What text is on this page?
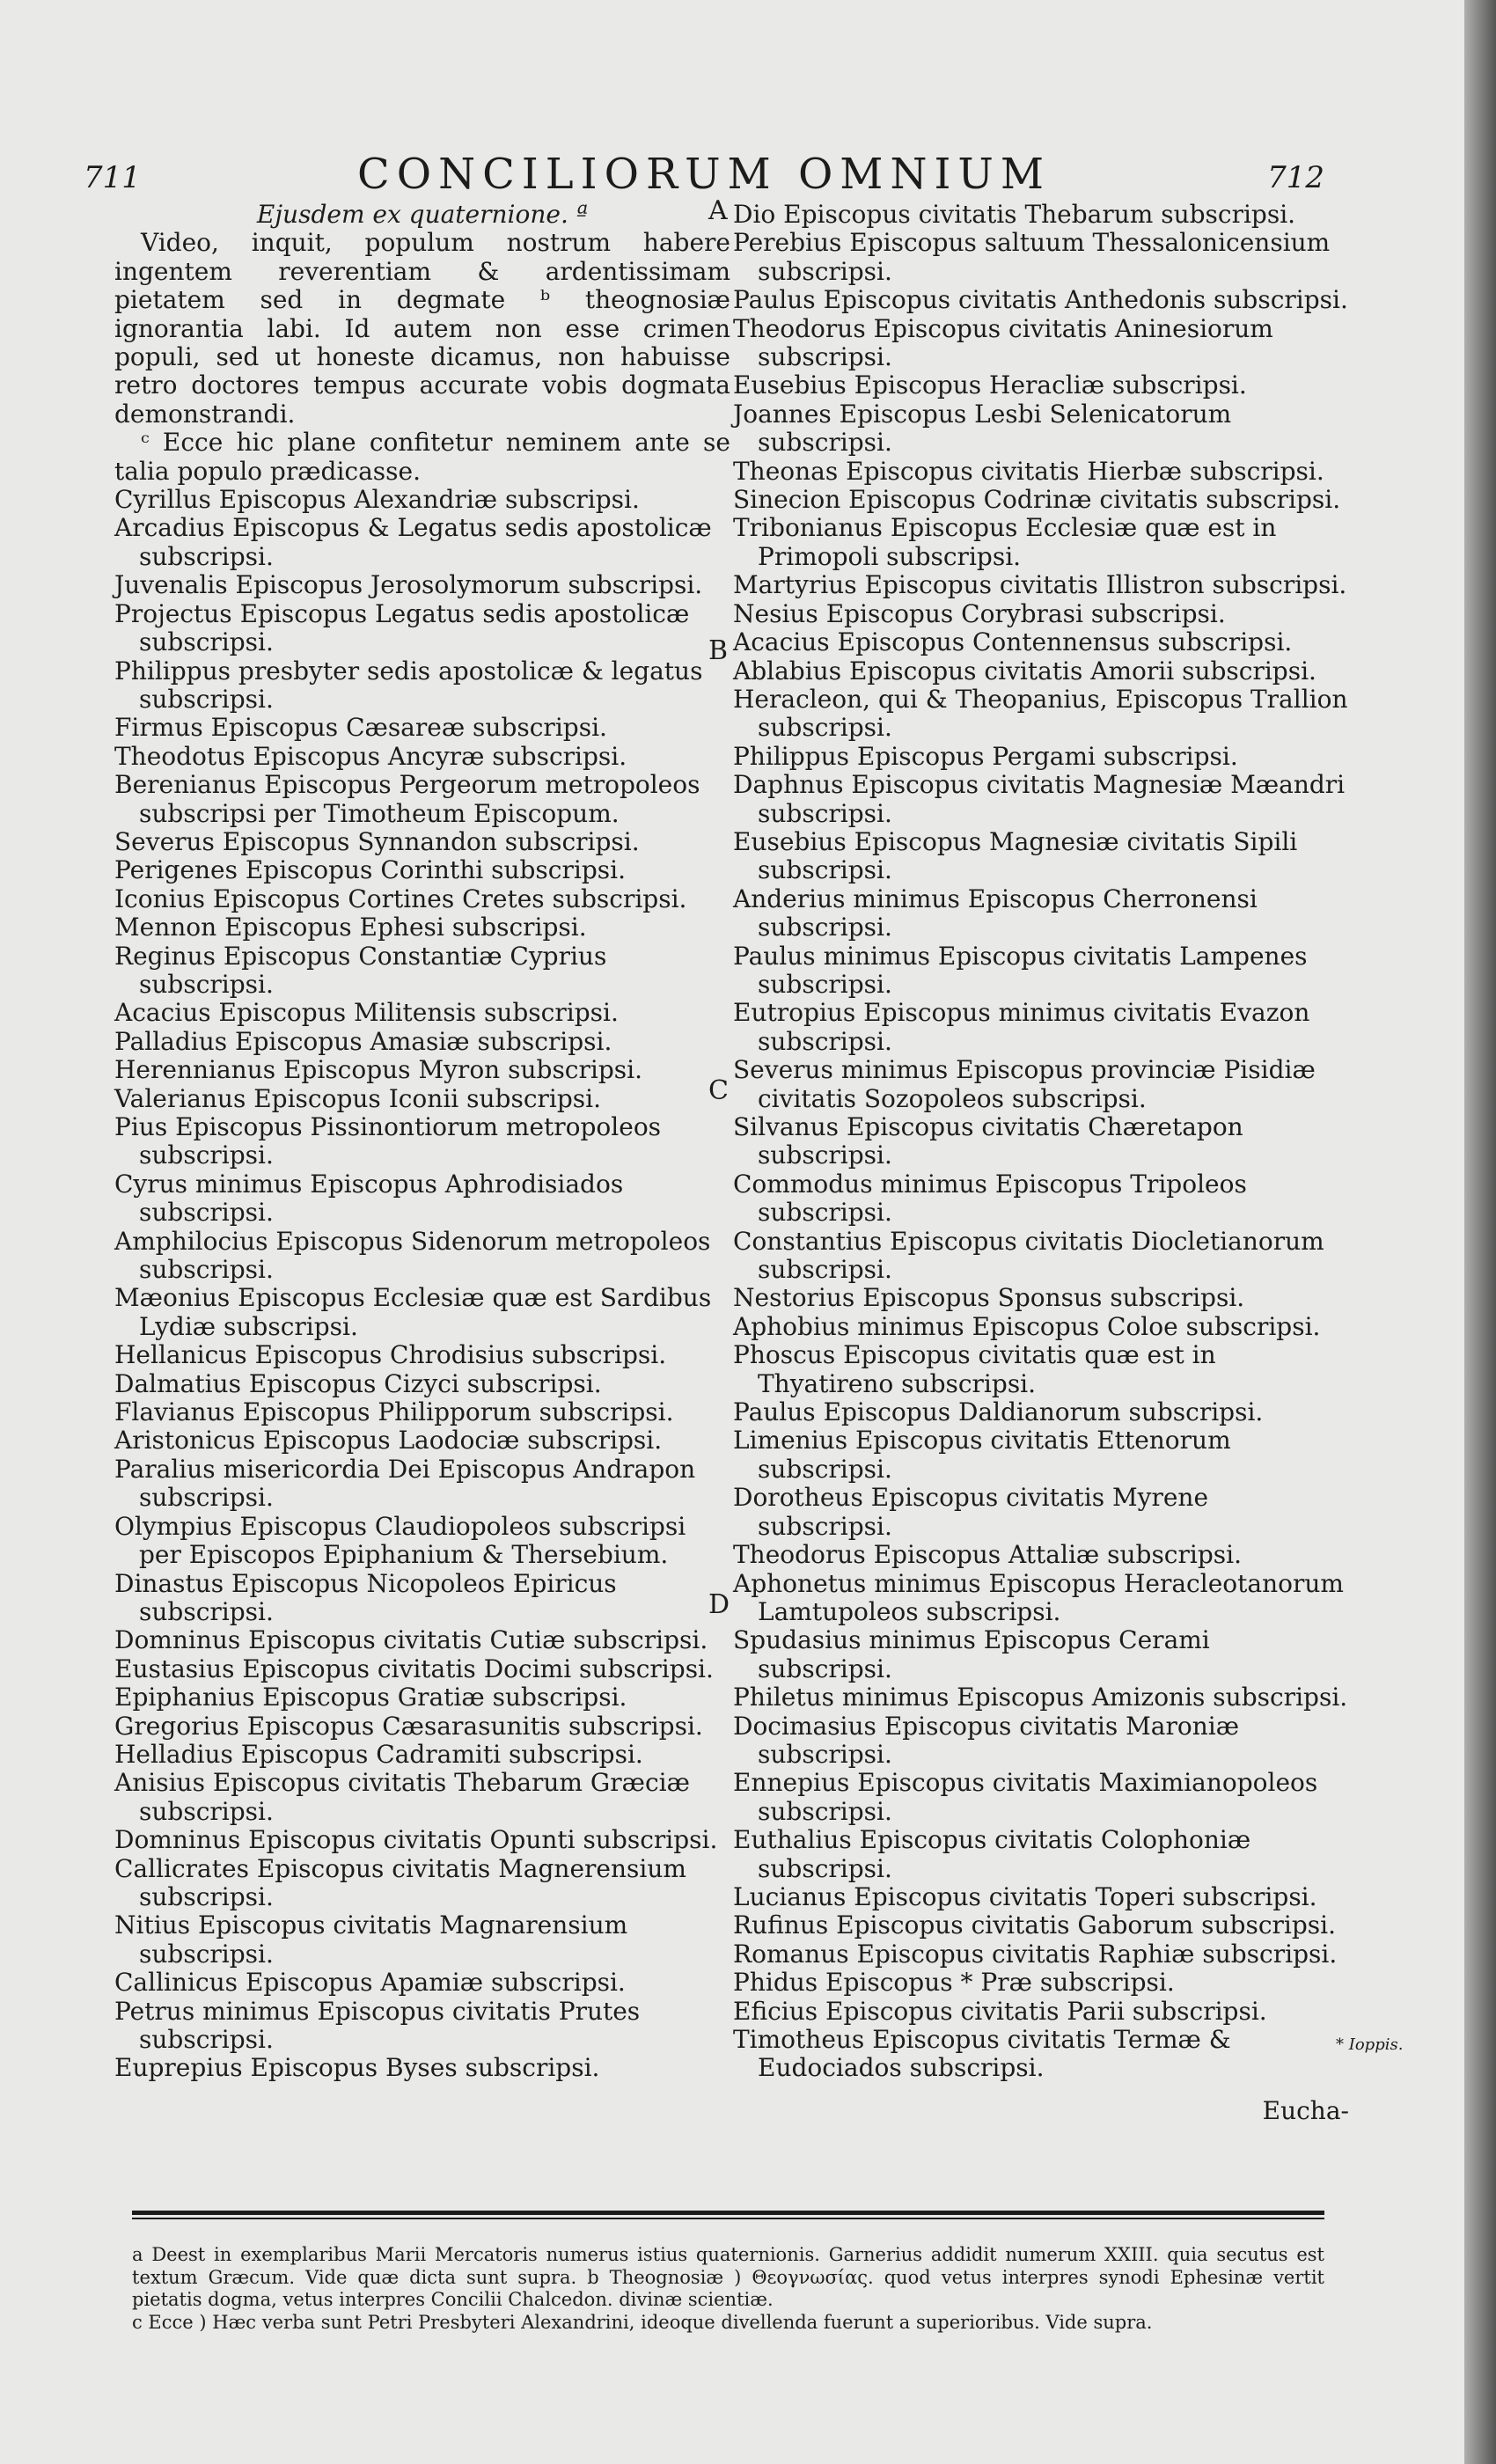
711	CONCILIORUM OMNIUM	712
Ejusdem ex quaternione. ª
Video, inquit, populum nostrum habere ingentem reverentiam & ardentissimam pietatem sed in degmate ᵇ theognosiæ ignorantia labi. Id autem non esse crimen populi, sed ut honeste dicamus, non habuisse retro doctores tempus accurate vobis dogmata demonstrandi.
ᶜ Ecce hic plane confitetur neminem ante se talia populo prædicasse.
Cyrillus Episcopus Alexandriæ subscripsi.
Arcadius Episcopus & Legatus sedis apostolicæ subscripsi.
Juvenalis Episcopus Jerosolymorum subscripsi.
Projectus Episcopus Legatus sedis apostolicæ subscripsi.
Philippus presbyter sedis apostolicæ & legatus subscripsi.
Firmus Episcopus Cæsareæ subscripsi.
Theodotus Episcopus Ancyræ subscripsi.
Berenianus Episcopus Pergeorum metropoleos subscripsi per Timotheum Episcopum.
Severus Episcopus Synnandon subscripsi.
Perigenes Episcopus Corinthi subscripsi.
Iconius Episcopus Cortines Cretes subscripsi.
Mennon Episcopus Ephesi subscripsi.
Reginus Episcopus Constantiæ Cyprius subscripsi.
Acacius Episcopus Militensis subscripsi.
Palladius Episcopus Amasiæ subscripsi.
Herennianus Episcopus Myron subscripsi.
Valerianus Episcopus Iconii subscripsi.
Pius Episcopus Pissinontiorum metropoleos subscripsi.
Cyrus minimus Episcopus Aphrodisiados subscripsi.
Amphilocius Episcopus Sidenorum metropoleos subscripsi.
Mæonius Episcopus Ecclesiæ quæ est Sardibus Lydiæ subscripsi.
Hellanicus Episcopus Chrodisius subscripsi.
Dalmatius Episcopus Cizyci subscripsi.
Flavianus Episcopus Philipporum subscripsi.
Aristonicus Episcopus Laodociæ subscripsi.
Paralius misericordia Dei Episcopus Andrapon subscripsi.
Olympius Episcopus Claudiopoleos subscripsi per Episcopos Epiphanium & Thersebium.
Dinastus Episcopus Nicopoleos Epiricus subscripsi.
Domninus Episcopus civitatis Cutiæ subscripsi.
Eustasius Episcopus civitatis Docimi subscripsi.
Epiphanius Episcopus Gratiæ subscripsi.
Gregorius Episcopus Cæsarasunitis subscripsi.
Helladius Episcopus Cadramiti subscripsi.
Anisius Episcopus civitatis Thebarum Græciæ subscripsi.
Domninus Episcopus civitatis Opunti subscripsi.
Callicrates Episcopus civitatis Magnerensium subscripsi.
Nitius Episcopus civitatis Magnarensium subscripsi.
Callinicus Episcopus Apamiæ subscripsi.
Petrus minimus Episcopus civitatis Prutes subscripsi.
Euprepius Episcopus Byses subscripsi.
Dio Episcopus civitatis Thebarum subscripsi.
Perebius Episcopus saltuum Thessalonicensium subscripsi.
Paulus Episcopus civitatis Anthedonis subscripsi.
Theodorus Episcopus civitatis Aninesiorum subscripsi.
Eusebius Episcopus Heracliæ subscripsi.
Joannes Episcopus Lesbi Selenicatorum subscripsi.
Theonas Episcopus civitatis Hierbæ subscripsi.
Sinecion Episcopus Codrinæ civitatis subscripsi.
Tribonianus Episcopus Ecclesiæ quæ est in Primopoli subscripsi.
Martyrius Episcopus civitatis Illistron subscripsi.
Nesius Episcopus Corybrasi subscripsi.
Acacius Episcopus Contennensus subscripsi.
Ablabius Episcopus civitatis Amorii subscripsi.
Heracleon, qui & Theopanius, Episcopus Trallion subscripsi.
Philippus Episcopus Pergami subscripsi.
Daphnus Episcopus civitatis Magnesiæ Mæandri subscripsi.
Eusebius Episcopus Magnesiæ civitatis Sipili subscripsi.
Anderius minimus Episcopus Cherronensi subscripsi.
Paulus minimus Episcopus civitatis Lampenes subscripsi.
Eutropius Episcopus minimus civitatis Evazon subscripsi.
Severus minimus Episcopus provinciæ Pisidiæ civitatis Sozopoleos subscripsi.
Silvanus Episcopus civitatis Chæretapon subscripsi.
Commodus minimus Episcopus Tripoleos subscripsi.
Constantius Episcopus civitatis Diocletianorum subscripsi.
Nestorius Episcopus Sponsus subscripsi.
Aphobius minimus Episcopus Coloe subscripsi.
Phoscus Episcopus civitatis quæ est in Thyatireno subscripsi.
Paulus Episcopus Daldianorum subscripsi.
Limenius Episcopus civitatis Ettenorum subscripsi.
Dorotheus Episcopus civitatis Myrene subscripsi.
Theodorus Episcopus Attaliæ subscripsi.
Aphonetus minimus Episcopus Heracleotanorum Lamtupoleos subscripsi.
Spudasius minimus Episcopus Cerami subscripsi.
Philetus minimus Episcopus Amizonis subscripsi.
Docimasius Episcopus civitatis Maroniæ subscripsi.
Ennepius Episcopus civitatis Maximianopoleos subscripsi.
Euthalius Episcopus civitatis Colophoniæ subscripsi.
Lucianus Episcopus civitatis Toperi subscripsi.
Rufinus Episcopus civitatis Gaborum subscripsi.
Romanus Episcopus civitatis Raphiæ subscripsi.
Phidus Episcopus * Præ subscripsi.
Eficius Episcopus civitatis Parii subscripsi.
Timotheus Episcopus civitatis Termæ & Eudociados subscripsi.
Eucha-
A
B
C
D
* Ioppis.

a Deest in exemplaribus Marii Mercatoris numerus istius quaternionis. Garnerius addidit numerum XXIII. quia secutus est textum Græcum. Vide quæ dicta sunt supra. b Theognosiæ ) Θεογνωσίας. quod vetus interpres synodi Ephesinæ vertit pietatis dogma, vetus interpres Concilii Chalcedon. divinæ scientiæ.

c Ecce ) Hæc verba sunt Petri Presbyteri Alexandrini, ideoque divellenda fuerunt a superioribus. Vide supra.
